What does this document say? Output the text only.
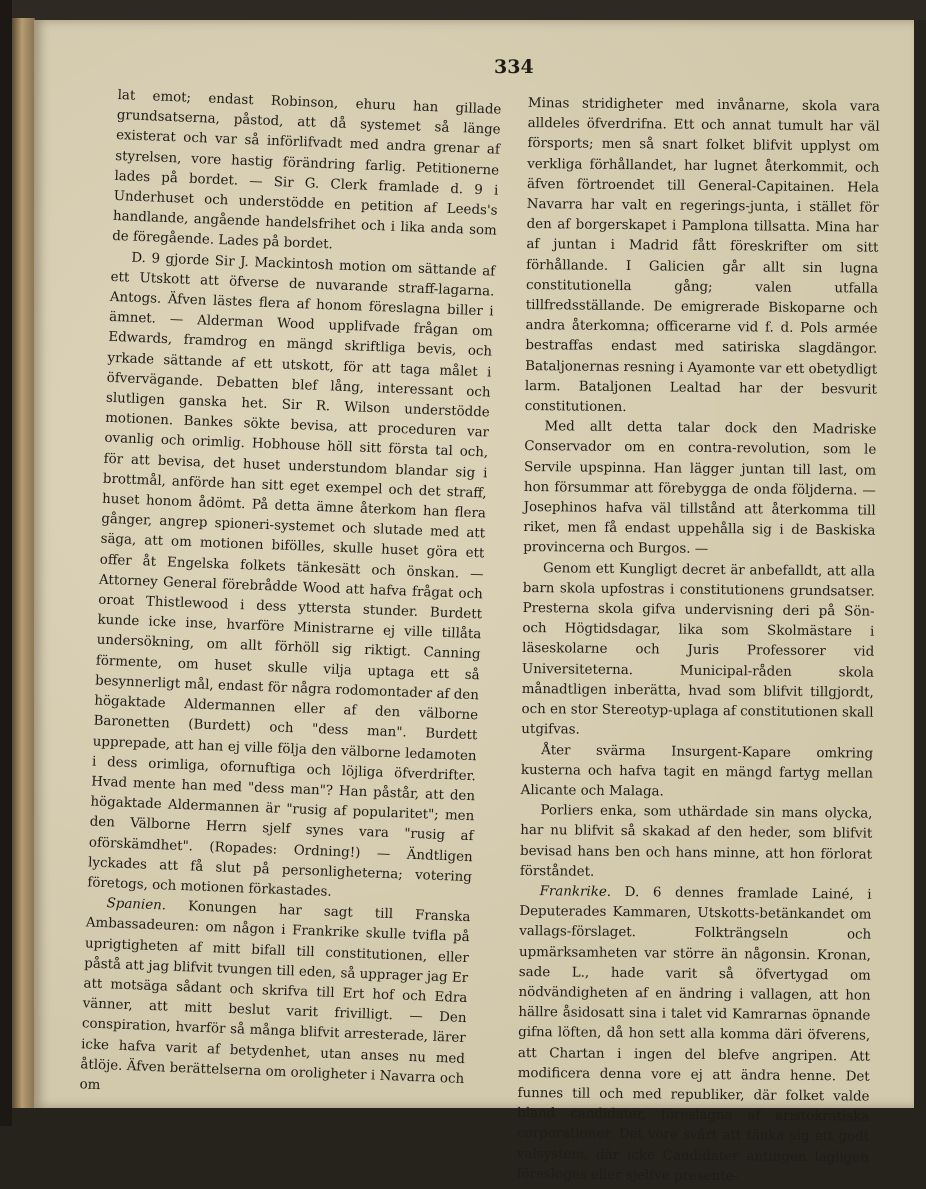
334

lat emot; endast Robinson, ehuru han gillade grundsatserna, påstod, att då systemet så länge existerat och var så införlifvadt med andra grenar af styrelsen, vore hastig förändring farlig. Petitionerne lades på bordet. — Sir G. Clerk framlade d. 9 i Underhuset och understödde en petition af Leeds's handlande, angående handelsfrihet och i lika anda som de föregående. Lades på bordet.

D. 9 gjorde Sir J. Mackintosh motion om sättande af ett Utskott att öfverse de nuvarande straff-lagarna. Antogs. Äfven lästes flera af honom föreslagna biller i ämnet. — Alderman Wood upplifvade frågan om Edwards, framdrog en mängd skriftliga bevis, och yrkade sättande af ett utskott, för att taga målet i öfvervägande. Debatten blef lång, interessant och slutligen ganska het. Sir R. Wilson understödde motionen. Bankes sökte bevisa, att proceduren var ovanlig och orimlig. Hobhouse höll sitt första tal och, för att bevisa, det huset understundom blandar sig i brottmål, anförde han sitt eget exempel och det straff, huset honom ådömt. På detta ämne återkom han flera gånger, angrep spioneri-systemet och slutade med att säga, att om motionen bifölles, skulle huset göra ett offer åt Engelska folkets tänkesätt och önskan. — Attorney General förebrådde Wood att hafva frågat och oroat Thistlewood i dess yttersta stunder. Burdett kunde icke inse, hvarföre Ministrarne ej ville tillåta undersökning, om allt förhöll sig riktigt. Canning förmente, om huset skulle vilja uptaga ett så besynnerligt mål, endast för några rodomontader af den högaktade Aldermannen eller af den välborne Baronetten (Burdett) och "dess man". Burdett upprepade, att han ej ville följa den välborne ledamoten i dess orimliga, ofornuftiga och löjliga öfverdrifter. Hvad mente han med "dess man"? Han påstår, att den högaktade Aldermannen är "rusig af popularitet"; men den Välborne Herrn sjelf synes vara "rusig af oförskämdhet". (Ropades: Ordning!) — Ändtligen lyckades att få slut på personligheterna; votering företogs, och motionen förkastades.

Spanien. Konungen har sagt till Franska Ambassadeuren: om någon i Frankrike skulle tvifla på uprigtigheten af mitt bifall till constitutionen, eller påstå att jag blifvit tvungen till eden, så upprager jag Er att motsäga sådant och skrifva till Ert hof och Edra vänner, att mitt beslut varit frivilligt. — Den conspiration, hvarför så många blifvit arresterade, lärer icke hafva varit af betydenhet, utan anses nu med åtlöje. Äfven berättelserna om oroligheter i Navarra och om

Minas stridigheter med invånarne, skola vara alldeles öfverdrifna. Ett och annat tumult har väl försports; men så snart folket blifvit upplyst om verkliga förhållandet, har lugnet återkommit, och äfven förtroendet till General-Capitainen. Hela Navarra har valt en regerings-junta, i stället för den af borgerskapet i Pamplona tillsatta. Mina har af juntan i Madrid fått föreskrifter om sitt förhållande. I Galicien går allt sin lugna constitutionella gång; valen utfalla tillfredsställande. De emigrerade Biskoparne och andra återkomna; officerarne vid f. d. Pols armée bestraffas endast med satiriska slagdängor. Bataljonernas resning i Ayamonte var ett obetydligt larm. Bataljonen Lealtad har der besvurit constitutionen.

Med allt detta talar dock den Madriske Conservador om en contra-revolution, som le Servile upspinna. Han lägger juntan till last, om hon försummar att förebygga de onda följderna. — Josephinos hafva väl tillstånd att återkomma till riket, men få endast uppehålla sig i de Baskiska provincerna och Burgos. —

Genom ett Kungligt decret är anbefalldt, att alla barn skola upfostras i constitutionens grundsatser. Presterna skola gifva undervisning deri på Sön- och Högtidsdagar, lika som Skolmästare i läseskolarne och Juris Professorer vid Universiteterna. Municipal-råden skola månadtligen inberätta, hvad som blifvit tillgjordt, och en stor Stereotyp-uplaga af constitutionen skall utgifvas.

Åter svärma Insurgent-Kapare omkring kusterna och hafva tagit en mängd fartyg mellan Alicante och Malaga.

Porliers enka, som uthärdade sin mans olycka, har nu blifvit så skakad af den heder, som blifvit bevisad hans ben och hans minne, att hon förlorat förståndet.

Frankrike. D. 6 dennes framlade Lainé, i Deputerades Kammaren, Utskotts-betänkandet om vallags-förslaget. Folkträngseln och upmärksamheten var större än någonsin. Kronan, sade L., hade varit så öfvertygad om nödvändigheten af en ändring i vallagen, att hon hällre åsidosatt sina i talet vid Kamrarnas öpnande gifna löften, då hon sett alla komma däri öfverens, att Chartan i ingen del blefve angripen. Att modificera denna vore ej att ändra henne. Det funnes till och med republiker, där folket valde bland candidater, föreslagna af aristokratiska corporationer. Det vore svårt att tänka sig ett godt valsystem, där icke Candidater antingen lagligen föresloges eller sjelfve presente-
